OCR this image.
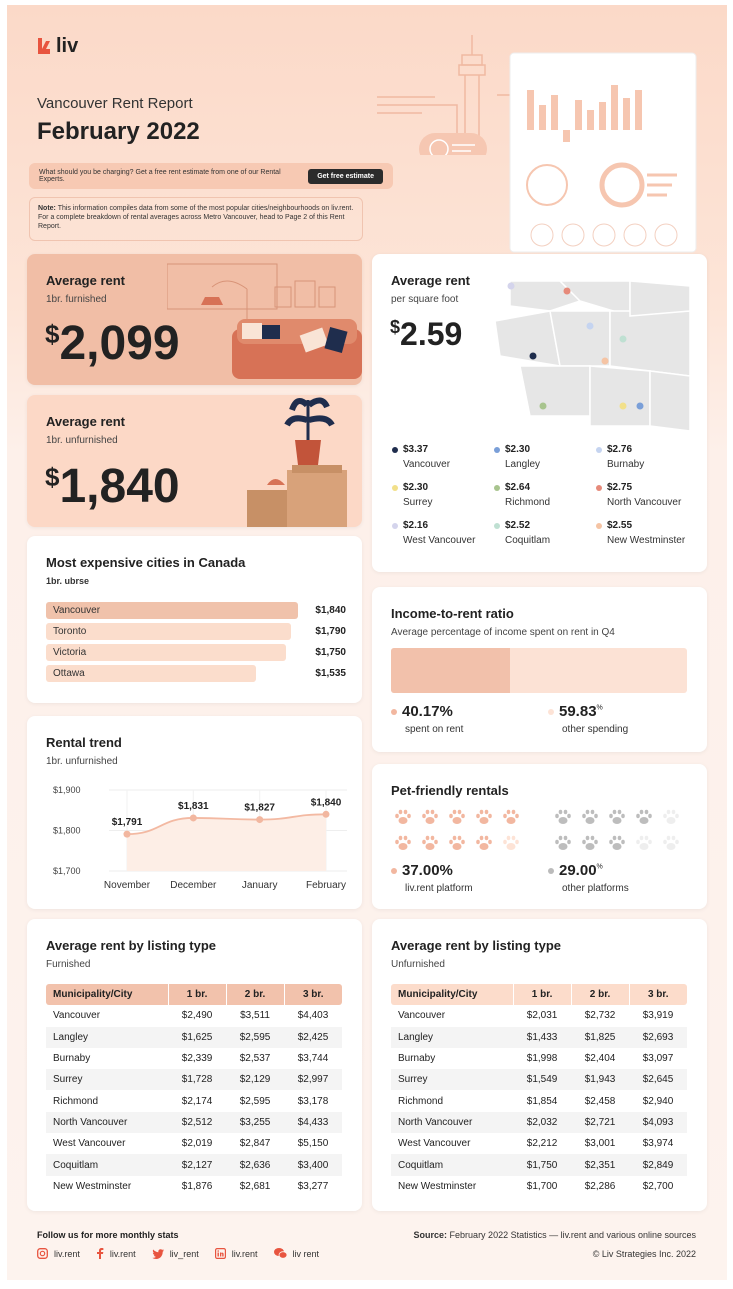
liv
Vancouver Rent Report
February 2022
What should you be charging? Get a free rent estimate from one of our Rental Experts.	Get free estimate
Note: This information compiles data from some of the most popular cities/neighbourhoods on liv.rent. For a complete breakdown of rental averages across Metro Vancouver, head to Page 2 of this Rent Report.
Average rent
1br. furnished
$2,099
Average rent
1br. unfurnished
$1,840
Average rent
per square foot
$2.59
$3.37
Vancouver
$2.30
Langley
$2.76
Burnaby
$2.30
Surrey
$2.64
Richmond
$2.75
North Vancouver
$2.16
West Vancouver
$2.52
Coquitlam
$2.55
New Westminster
Most expensive cities in Canada
1br. ubrse
Vancouver	$1,840
Toronto	$1,790
Victoria	$1,750
Ottawa	$1,535
Income-to-rent ratio
Average percentage of income spent on rent in Q4
40.17%
spent on rent
59.83%
other spending
Rental trend
1br. unfurnished
$1,900
$1,800
$1,700
$1,791
November
$1,831
December
$1,827
January
$1,840
February
Pet-friendly rentals
37.00%
liv.rent platform
29.00%
other platforms
Average rent by listing type
Furnished
Municipality/City	1 br.	2 br.	3 br.
Vancouver	$2,490	$3,511	$4,403
Langley	$1,625	$2,595	$2,425
Burnaby	$2,339	$2,537	$3,744
Surrey	$1,728	$2,129	$2,997
Richmond	$2,174	$2,595	$3,178
North Vancouver	$2,512	$3,255	$4,433
West Vancouver	$2,019	$2,847	$5,150
Coquitlam	$2,127	$2,636	$3,400
New Westminster	$1,876	$2,681	$3,277
Average rent by listing type
Unfurnished
Municipality/City	1 br.	2 br.	3 br.
Vancouver	$2,031	$2,732	$3,919
Langley	$1,433	$1,825	$2,693
Burnaby	$1,998	$2,404	$3,097
Surrey	$1,549	$1,943	$2,645
Richmond	$1,854	$2,458	$2,940
North Vancouver	$2,032	$2,721	$4,093
West Vancouver	$2,212	$3,001	$3,974
Coquitlam	$1,750	$2,351	$2,849
New Westminster	$1,700	$2,286	$2,700
Follow us for more monthly stats
liv.rent	liv.rent	liv_rent	liv.rent	liv rent
Source: February 2022 Statistics — liv.rent and various online sources
© Liv Strategies Inc. 2022
